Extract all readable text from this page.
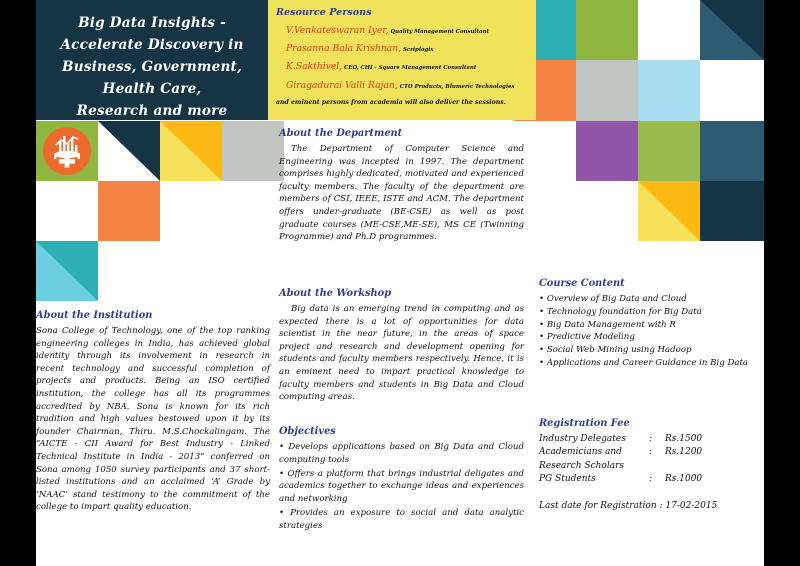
Big Data Insights -
Accelerate Discovery in
Business, Government, Health Care,
Research and more
Resource Persons
V.Venkateswaran Iyer, Quality Management Consultant
Prasanna Bala Krishnan, Scriplogix
K.Sakthivel, CEO, CHI - Square Management Consultant
Giragadurai Valli Rajan, CTO Products, Blumeric Technologies
and eminent persons from academia will also deliver the sessions.
About the Institution

Sona College of Technology, one of the top ranking engineering colleges in India, has achieved global identity through its involvement in research in recent technology and successful completion of projects and products. Being an ISO certified institution, the college has all its programmes accredited by NBA. Sona is known for its rich tradition and high values bestowed upon it by its founder Chairman, Thiru. M.S.Chockalingam. The “AICTE - CII Award for Best Industry - Linked Technical Institute in India - 2013” conferred on Sona among 1050 survey participants and 37 short-listed institutions and an acclaimed ‘A’ Grade by ‘NAAC’ stand testimony to the commitment of the college to impart quality education.

About the Department

The Department of Computer Science and Engineering was incepted in 1997. The department comprises highly dedicated, motivated and experienced faculty members. The faculty of the department are members of CSI, IEEE, ISTE and ACM. The department offers under-graduate (BE-CSE) as well as post graduate courses (ME-CSE,ME-SE), MS CE (Twinning Programme) and Ph.D programmes.

About the Workshop

Big data is an emerging trend in computing and as expected there is a lot of opportunities for data scientist in the near future, in the areas of space project and research and development opening for students and faculty members respectively. Hence, it is an eminent need to impart practical knowledge to faculty members and students in Big Data and Cloud computing areas.

Objectives
• Develops applications based on Big Data and Cloud computing tools
• Offers a platform that brings industrial deligates and academics together to exchange ideas and experiences and networking
• Provides an exposure to social and data analytic strategies
Course Content
• Overview of Big Data and Cloud
• Technology foundation for Big Data
• Big Data Management with R
• Predictive Modeling
• Social Web Mining using Hadoop
• Applications and Career Guidance in Big Data
Registration Fee
Industry Delegates	:	Rs.1500
Academicians and	:	Rs.1200
Research Scholars		
PG Students	:	Rs.1000
Last date for Registration : 17-02-2015
